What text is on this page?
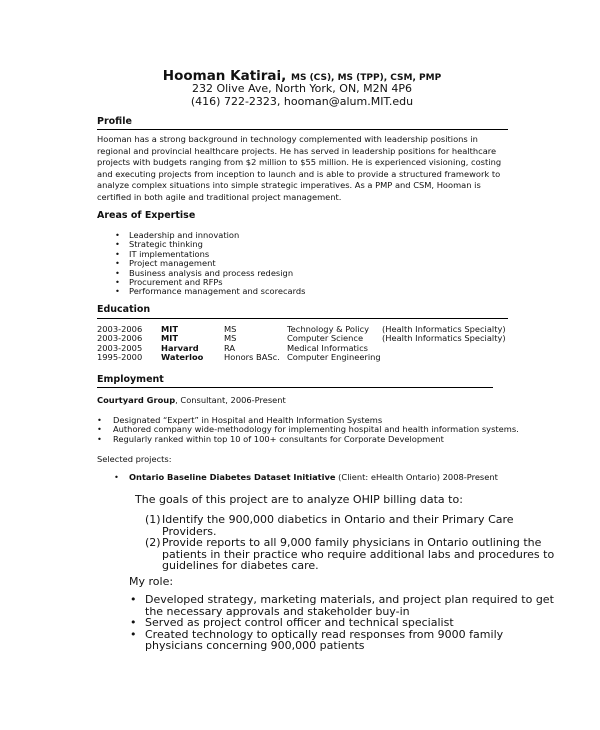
Hooman Katirai, MS (CS), MS (TPP), CSM, PMP
232 Olive Ave, North York, ON, M2N 4P6
(416) 722-2323, hooman@alum.MIT.edu
Profile
Hooman has a strong background in technology complemented with leadership positions in
regional and provincial healthcare projects. He has served in leadership positions for healthcare
projects with budgets ranging from $2 million to $55 million. He is experienced visioning, costing
and executing projects from inception to launch and is able to provide a structured framework to
analyze complex situations into simple strategic imperatives. As a PMP and CSM, Hooman is
certified in both agile and traditional project management.
Areas of Expertise
• Leadership and innovation
• Strategic thinking
• IT implementations
• Project management
• Business analysis and process redesign
• Procurement and RFPs
• Performance management and scorecards
Education
2003-2006	MIT	MS	Technology & Policy	(Health Informatics Specialty)
2003-2006	MIT	MS	Computer Science	(Health Informatics Specialty)
2003-2005	Harvard	RA	Medical Informatics
1995-2000	Waterloo	Honors BASc. Computer Engineering
Employment
Courtyard Group, Consultant, 2006-Present
• Designated “Expert” in Hospital and Health Information Systems
• Authored company wide-methodology for implementing hospital and health information systems.
• Regularly ranked within top 10 of 100+ consultants for Corporate Development
Selected projects:
• Ontario Baseline Diabetes Dataset Initiative (Client: eHealth Ontario) 2008-Present
The goals of this project are to analyze OHIP billing data to:
(1) Identify the 900,000 diabetics in Ontario and their Primary Care
Providers.
(2) Provide reports to all 9,000 family physicians in Ontario outlining the
patients in their practice who require additional labs and procedures to
guidelines for diabetes care.
My role:
• Developed strategy, marketing materials, and project plan required to get
the necessary approvals and stakeholder buy-in
• Served as project control officer and technical specialist
• Created technology to optically read responses from 9000 family
physicians concerning 900,000 patients
